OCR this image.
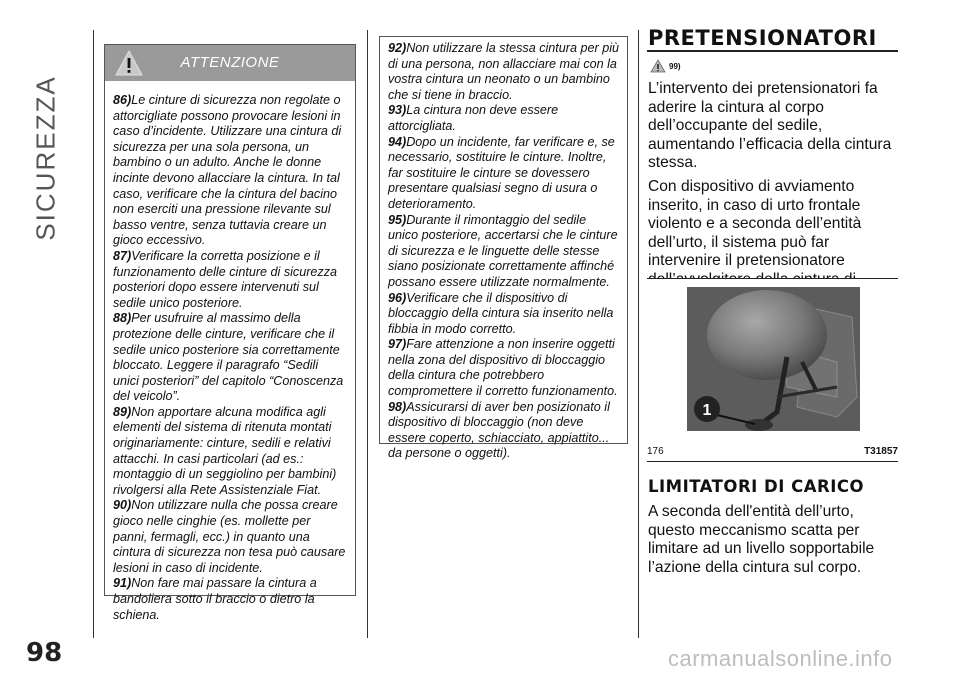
SICUREZZA
ATTENZIONE

86)Le cinture di sicurezza non regolate o attorcigliate possono provocare lesioni in caso d’incidente. Utilizzare una cintura di sicurezza per una sola persona, un bambino o un adulto. Anche le donne incinte devono allacciare la cintura. In tal caso, verificare che la cintura del bacino non eserciti una pressione rilevante sul basso ventre, senza tuttavia creare un gioco eccessivo.

87)Verificare la corretta posizione e il funzionamento delle cinture di sicurezza posteriori dopo essere intervenuti sul sedile unico posteriore.

88)Per usufruire al massimo della protezione delle cinture, verificare che il sedile unico posteriore sia correttamente bloccato. Leggere il paragrafo “Sedili unici posteriori” del capitolo “Conoscenza del veicolo”.

89)Non apportare alcuna modifica agli elementi del sistema di ritenuta montati originariamente: cinture, sedili e relativi attacchi. In casi particolari (ad es.: montaggio di un seggiolino per bambini) rivolgersi alla Rete Assistenziale Fiat.

90)Non utilizzare nulla che possa creare gioco nelle cinghie (es. mollette per panni, fermagli, ecc.) in quanto una cintura di sicurezza non tesa può causare lesioni in caso di incidente.

91)Non fare mai passare la cintura a bandoliera sotto il braccio o dietro la schiena.

92)Non utilizzare la stessa cintura per più di una persona, non allacciare mai con la vostra cintura un neonato o un bambino che si tiene in braccio.

93)La cintura non deve essere attorcigliata.

94)Dopo un incidente, far verificare e, se necessario, sostituire le cinture. Inoltre, far sostituire le cinture se dovessero presentare qualsiasi segno di usura o deterioramento.

95)Durante il rimontaggio del sedile unico posteriore, accertarsi che le cinture di sicurezza e le linguette delle stesse siano posizionate correttamente affinché possano essere utilizzate normalmente.

96)Verificare che il dispositivo di bloccaggio della cintura sia inserito nella fibbia in modo corretto.

97)Fare attenzione a non inserire oggetti nella zona del dispositivo di bloccaggio della cintura che potrebbero compromettere il corretto funzionamento.

98)Assicurarsi di aver ben posizionato il dispositivo di bloccaggio (non deve essere coperto, schiacciato, appiattito... da persone o oggetti).

PRETENSIONATORI
99)

L’intervento dei pretensionatori fa aderire la cintura al corpo dell’occupante del sedile, aumentando l’efficacia della cintura stessa.

Con dispositivo di avviamento inserito, in caso di urto frontale violento e a seconda dell’entità dell’urto, il sistema può far intervenire il pretensionatore

1
176	T31857
LIMITATORI DI CARICO

A seconda dell'entità dell’urto, questo meccanismo scatta per limitare ad un livello sopportabile l’azione della cintura sul corpo.

98	carmanualsonline.info
